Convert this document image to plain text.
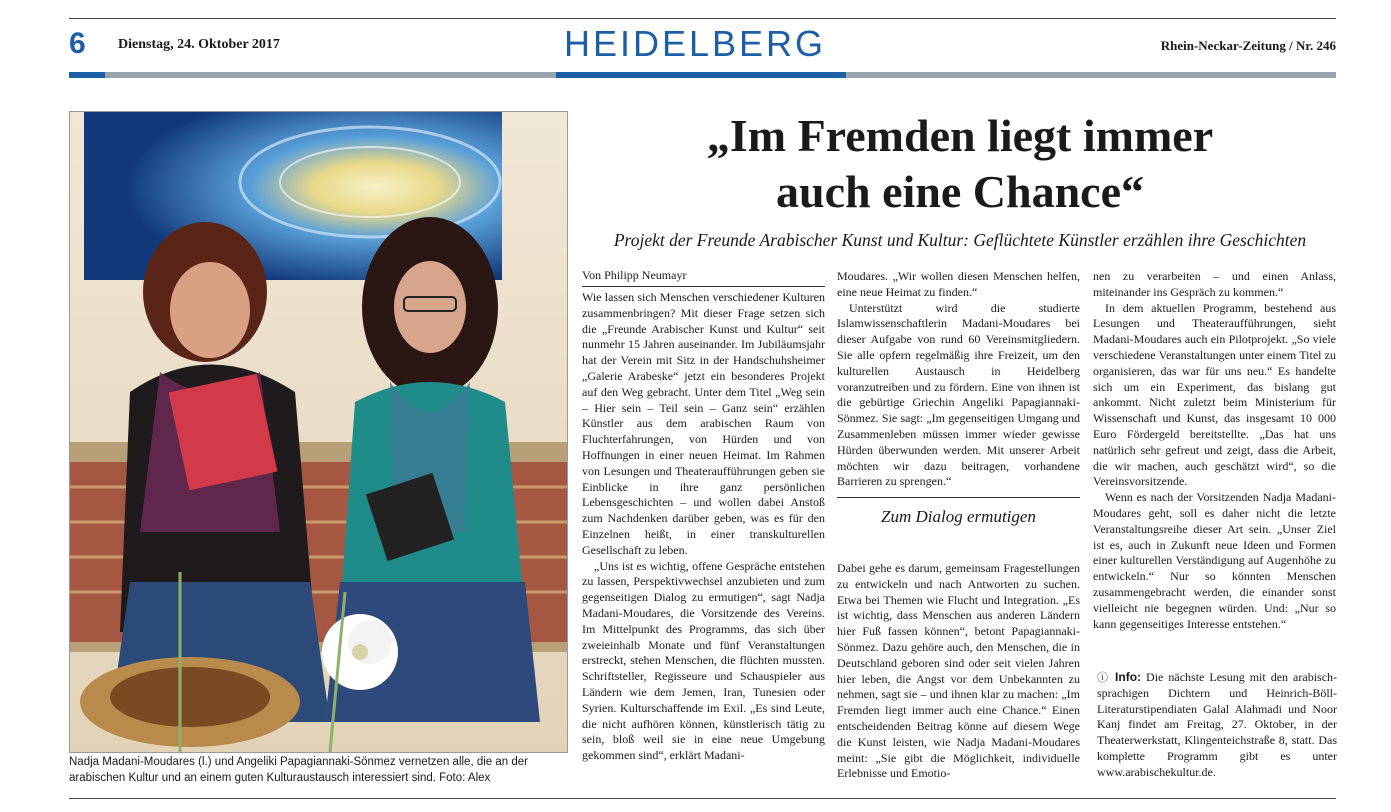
6 Dienstag, 24. Oktober 2017	HEIDELBERG	Rhein-Neckar-Zeitung / Nr. 246
Nadja Madani-Moudares (l.) und Angeliki Papagiannaki-Sönmez vernetzen alle, die an der arabischen Kultur und an einem guten Kulturaustausch interessiert sind. Foto: Alex
„Im Fremden liegt immer
auch eine Chance“
Projekt der Freunde Arabischer Kunst und Kultur: Geflüchtete Künstler erzählen ihre Geschichten
Von Philipp Neumayr

Wie lassen sich Menschen verschiedener Kulturen zusammenbringen? Mit dieser Frage setzen sich die „Freunde Arabischer Kunst und Kultur“ seit nunmehr 15 Jahren auseinander. Im Jubiläumsjahr hat der Verein mit Sitz in der Handschuhsheimer „Galerie Arabeske“ jetzt ein besonderes Projekt auf den Weg gebracht. Unter dem Titel „Weg sein – Hier sein – Teil sein – Ganz sein“ erzählen Künstler aus dem arabischen Raum von Fluchterfahrungen, von Hürden und von Hoffnungen in einer neuen Heimat. Im Rahmen von Lesungen und Theateraufführungen geben sie Einblicke in ihre ganz persönlichen Lebensgeschichten – und wollen dabei Anstoß zum Nachdenken darüber geben, was es für den Einzelnen heißt, in einer transkulturellen Gesellschaft zu leben.

„Uns ist es wichtig, offene Gespräche entstehen zu lassen, Perspektivwechsel anzubieten und zum gegenseitigen Dialog zu ermutigen“, sagt Nadja Madani-Moudares, die Vorsitzende des Vereins. Im Mittelpunkt des Programms, das sich über zweieinhalb Monate und fünf Veranstaltungen erstreckt, stehen Menschen, die flüchten mussten. Schriftsteller, Regisseure und Schauspieler aus Ländern wie dem Jemen, Iran, Tunesien oder Syrien. Kulturschaffende im Exil. „Es sind Leute, die nicht aufhören können, künstlerisch tätig zu sein, bloß weil sie in eine neue Umgebung gekommen sind“, erklärt Madani-

Moudares. „Wir wollen diesen Menschen helfen, eine neue Heimat zu finden.“

Unterstützt wird die studierte Islamwissenschaftlerin Madani-Moudares bei dieser Aufgabe von rund 60 Vereinsmitgliedern. Sie alle opfern regelmäßig ihre Freizeit, um den kulturellen Austausch in Heidelberg voranzutreiben und zu fördern. Eine von ihnen ist die gebürtige Griechin Angeliki Papagiannaki-Sönmez. Sie sagt: „Im gegenseitigen Umgang und Zusammenleben müssen immer wieder gewisse Hürden überwunden werden. Mit unserer Arbeit möchten wir dazu beitragen, vorhandene Barrieren zu sprengen.“

Zum Dialog ermutigen

Dabei gehe es darum, gemeinsam Fragestellungen zu entwickeln und nach Antworten zu suchen. Etwa bei Themen wie Flucht und Integration. „Es ist wichtig, dass Menschen aus anderen Ländern hier Fuß fassen können“, betont Papagiannaki-Sönmez. Dazu gehöre auch, den Menschen, die in Deutschland geboren sind oder seit vielen Jahren hier leben, die Angst vor dem Unbekannten zu nehmen, sagt sie – und ihnen klar zu machen: „Im Fremden liegt immer auch eine Chance.“ Einen entscheidenden Beitrag könne auf diesem Wege die Kunst leisten, wie Nadja Madani-Moudares meint: „Sie gibt die Möglichkeit, individuelle Erlebnisse und Emotio-

nen zu verarbeiten – und einen Anlass, miteinander ins Gespräch zu kommen.“

In dem aktuellen Programm, bestehend aus Lesungen und Theateraufführungen, sieht Madani-Moudares auch ein Pilotprojekt. „So viele verschiedene Veranstaltungen unter einem Titel zu organisieren, das war für uns neu.“ Es handelte sich um ein Experiment, das bislang gut ankommt. Nicht zuletzt beim Ministerium für Wissenschaft und Kunst, das insgesamt 10 000 Euro Fördergeld bereitstellte. „Das hat uns natürlich sehr gefreut und zeigt, dass die Arbeit, die wir machen, auch geschätzt wird“, so die Vereinsvorsitzende.

Wenn es nach der Vorsitzenden Nadja Madani-Moudares geht, soll es daher nicht die letzte Veranstaltungsreihe dieser Art sein. „Unser Ziel ist es, auch in Zukunft neue Ideen und Formen einer kulturellen Verständigung auf Augenhöhe zu entwickeln.“ Nur so könnten Menschen zusammengebracht werden, die einander sonst vielleicht nie begegnen würden. Und: „Nur so kann gegenseitiges Interesse entstehen.“

ⓘ Info: Die nächste Lesung mit den arabisch-sprachigen Dichtern und Heinrich-Böll-Literaturstipendiaten Galal Alahmadi und Noor Kanj findet am Freitag, 27. Oktober, in der Theaterwerkstatt, Klingenteichstraße 8, statt. Das komplette Programm gibt es unter www.arabischekultur.de.
